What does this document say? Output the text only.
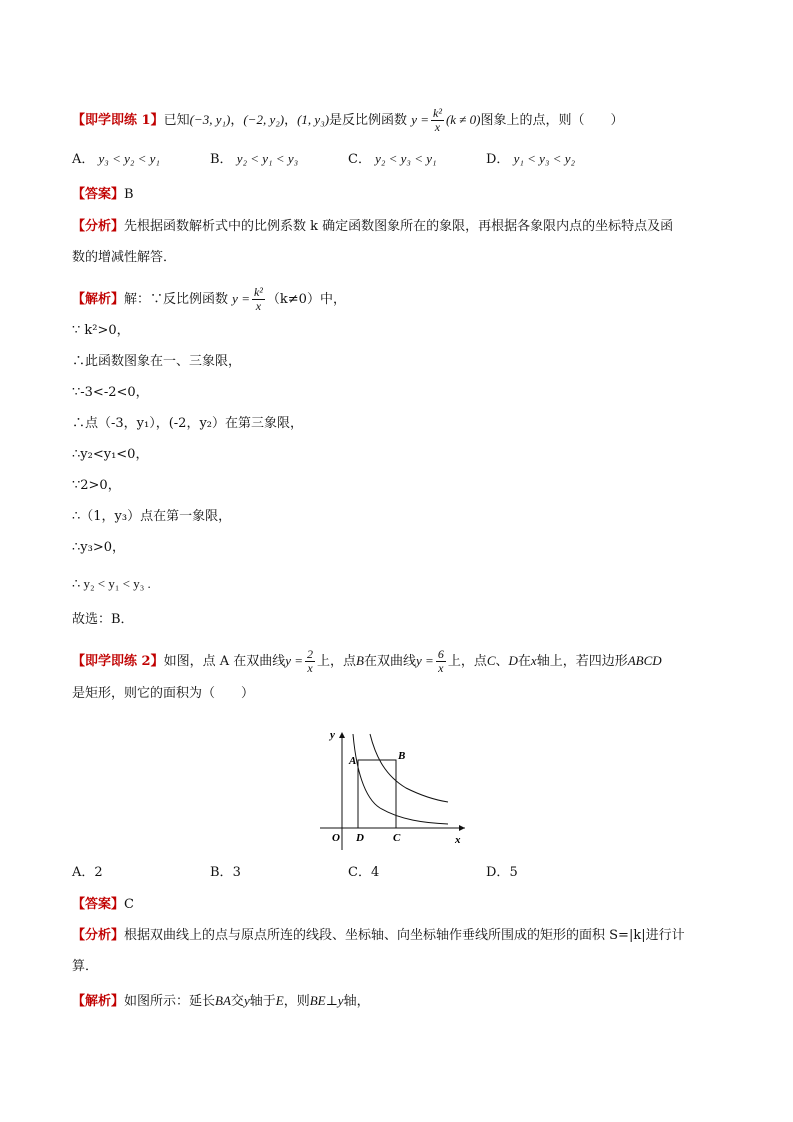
【即学即练 1】已知(−3, y₁)，(−2, y₂)，(1, y₃)是反比例函数 $y = \frac{\text{k²}}{x} (k \ne 0)$图象上的点，则（　　）
A． y₃ < y₂ < y₁	B． y₂ < y₁ < y₃	C． y₂ < y₃ < y₁	D． y₁ < y₃ < y₂
【答案】B
【分析】先根据函数解析式中的比例系数 k 确定函数图象所在的象限，再根据各象限内点的坐标特点及函
数的增减性解答．
【解析】解：∵反比例函数 $y = \frac{\text{k²}}{x} (k\ne 0)$中，
∵ k²>0，
∴此函数图象在一、三象限，
∵-3<-2<0，
∴点（-3，y₁），(-2，y₂）在第三象限，
∴y₂<y₁<0，
∵2>0，
∴（1，y₃）点在第一象限，
∴y₃>0，
∴ y₂ < y₁ < y₃ .
故选：B．
【即学即练 2】如图，点 A 在双曲线$y = \frac{2}{x}$ 上，点B在双曲线$y = \frac{6}{x}$ 上，点C、D在x轴上，若四边形ABCD
是矩形，则它的面积为（　　）
y
x
O
A	B
C
D
A．2	B．3	C．4	D．5
【答案】C
【分析】根据双曲线上的点与原点所连的线段、坐标轴、向坐标轴作垂线所围成的矩形的面积 S=|k|进行计
算．
【解析】如图所示：延长BA交y轴于E，则BE⊥y轴，
